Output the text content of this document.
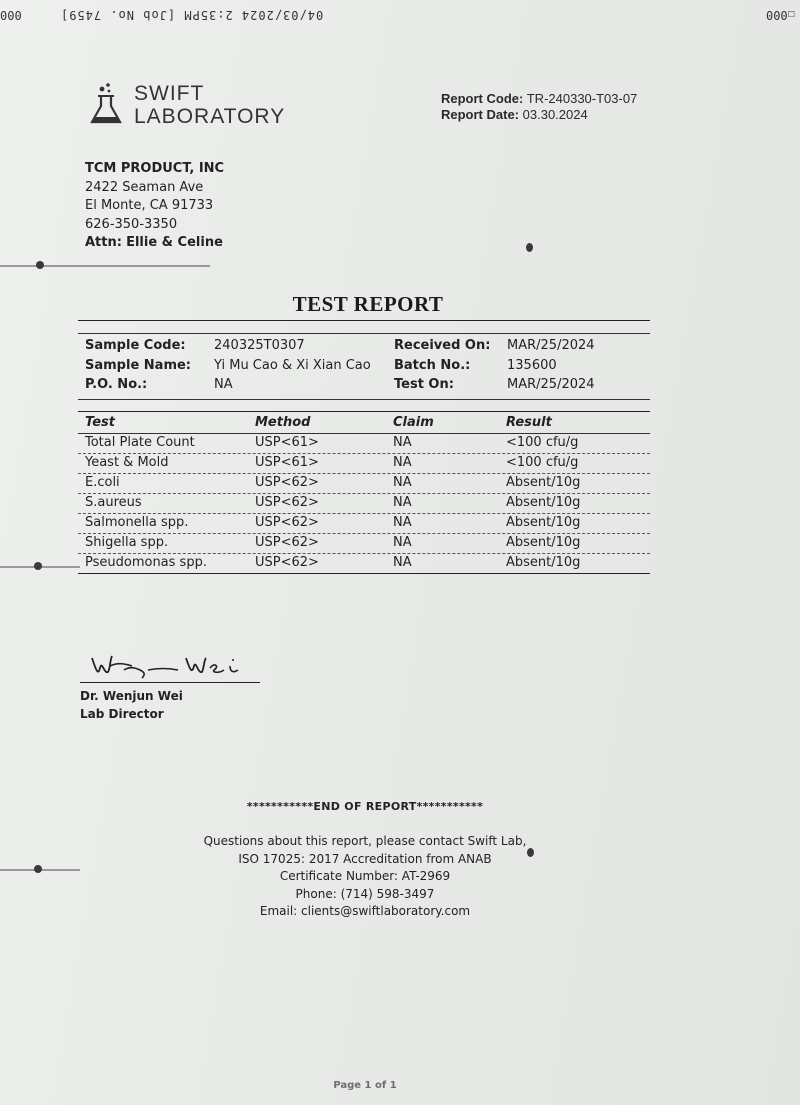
000	04/03/2024 2:35PM [Job No. 7459]	☐000
SWIFT
LABORATORY
Report Code: TR-240330-T03-07
Report Date: 03.30.2024
TCM PRODUCT, INC
2422 Seaman Ave
El Monte, CA 91733
626-350-3350
Attn: Ellie & Celine
TEST REPORT
Sample Code: 240325T0307	Received On: MAR/25/2024
Sample Name: Yi Mu Cao & Xi Xian Cao Batch No.:	135600
P.O. No.:	NA	Test On:	MAR/25/2024
Test	Method	Claim	Result
Total Plate Count	USP<61>	NA	<100 cfu/g
Yeast & Mold	USP<61>	NA	<100 cfu/g
E.coli	USP<62>	NA	Absent/10g
S.aureus	USP<62>	NA	Absent/10g
Salmonella spp.	USP<62>	NA	Absent/10g
Shigella spp.	USP<62>	NA	Absent/10g
Pseudomonas spp.	USP<62>	NA	Absent/10g
Dr. Wenjun Wei
Lab Director
***********END OF REPORT***********
Questions about this report, please contact Swift Lab,
ISO 17025: 2017 Accreditation from ANAB
Certificate Number: AT-2969
Phone: (714) 598-3497
Email: clients@swiftlaboratory.com
Page 1 of 1
